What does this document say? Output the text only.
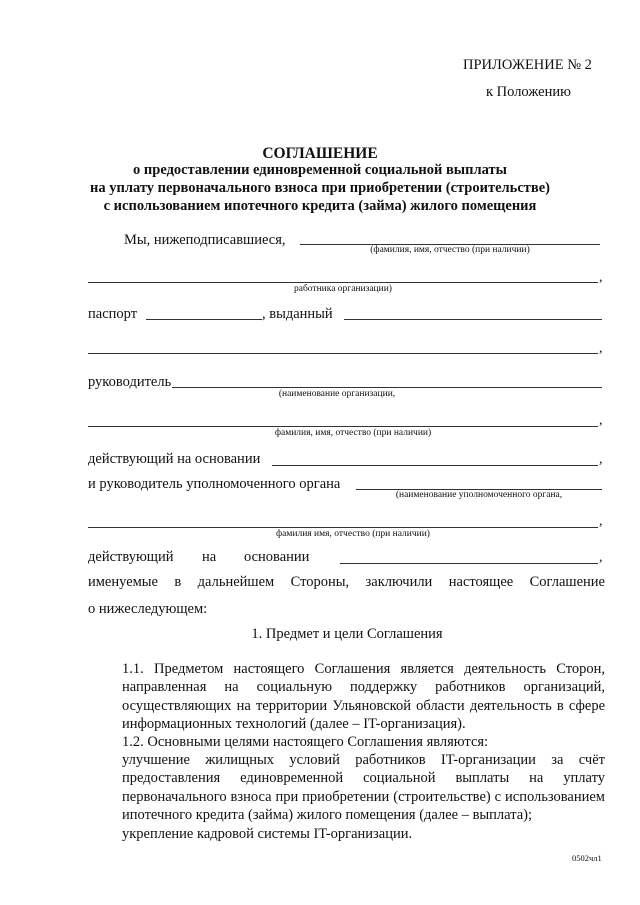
ПРИЛОЖЕНИЕ № 2
к Положению
СОГЛАШЕНИЕ
о предоставлении единовременной социальной выплаты
на уплату первоначального взноса при приобретении (строительстве)
с использованием ипотечного кредита (займа) жилого помещения
Мы, нижеподписавшиеся,
(фамилия, имя, отчество (при наличии)
,
работника организации)
паспорт	, выданный
,
руководитель
(наименование организации,
,
фамилия, имя, отчество (при наличии)
действующий на основании	,
и руководитель уполномоченного органа
(наименование уполномоченного органа,
,
фамилия имя, отчество (при наличии)
действующий на основании	,
именуемые в дальнейшем Стороны, заключили настоящее Соглашение
о нижеследующем:
1. Предмет и цели Соглашения
1.1. Предметом настоящего Соглашения является деятельность Сторон, направленная на социальную поддержку работников организаций, осуществляющих на территории Ульяновской области деятельность в сфере информационных технологий (далее – IT-организация).
1.2. Основными целями настоящего Соглашения являются:
улучшение жилищных условий работников IT-организации за счёт предоставления единовременной социальной выплаты на уплату первоначального взноса при приобретении (строительстве) с использованием ипотечного кредита (займа) жилого помещения (далее – выплата);
укрепление кадровой системы IT-организации.
0502чл1
